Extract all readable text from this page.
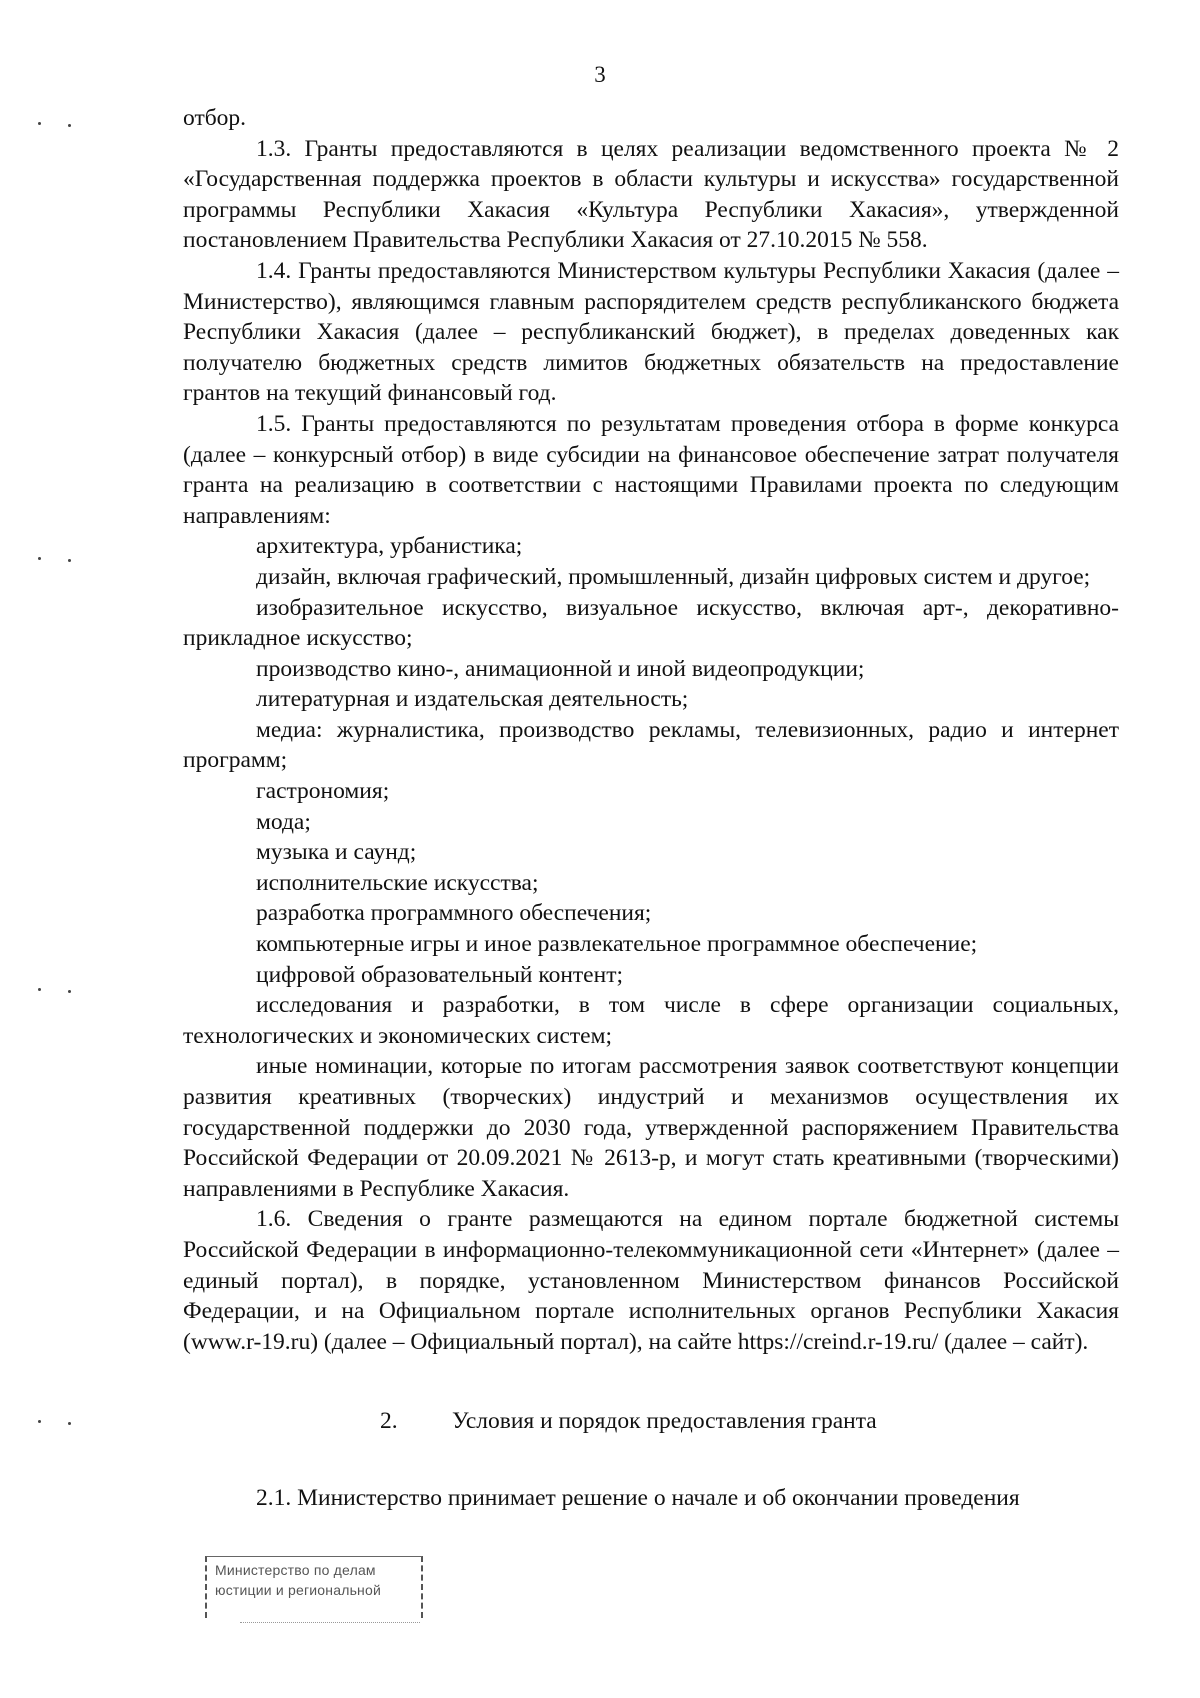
3

отбор.

1.3. Гранты предоставляются в целях реализации ведомственного проекта № 2 «Государственная поддержка проектов в области культуры и искусства» государственной программы Республики Хакасия «Культура Республики Хакасия», утвержденной постановлением Правительства Республики Хакасия от 27.10.2015 № 558.

1.4. Гранты предоставляются Министерством культуры Республики Хакасия (далее – Министерство), являющимся главным распорядителем средств республиканского бюджета Республики Хакасия (далее – республиканский бюджет), в пределах доведенных как получателю бюджетных средств лимитов бюджетных обязательств на предоставление грантов на текущий финансовый год.

1.5. Гранты предоставляются по результатам проведения отбора в форме конкурса (далее – конкурсный отбор) в виде субсидии на финансовое обеспечение затрат получателя гранта на реализацию в соответствии с настоящими Правилами проекта по следующим направлениям:

архитектура, урбанистика;

дизайн, включая графический, промышленный, дизайн цифровых систем и другое;

изобразительное искусство, визуальное искусство, включая арт-, декоративно-прикладное искусство;

производство кино-, анимационной и иной видеопродукции;

литературная и издательская деятельность;

медиа: журналистика, производство рекламы, телевизионных, радио и интернет программ;

гастрономия;

мода;

музыка и саунд;

исполнительские искусства;

разработка программного обеспечения;

компьютерные игры и иное развлекательное программное обеспечение;

цифровой образовательный контент;

исследования и разработки, в том числе в сфере организации социальных, технологических и экономических систем;

иные номинации, которые по итогам рассмотрения заявок соответствуют концепции развития креативных (творческих) индустрий и механизмов осуществления их государственной поддержки до 2030 года, утвержденной распоряжением Правительства Российской Федерации от 20.09.2021 № 2613-р, и могут стать креативными (творческими) направлениями в Республике Хакасия.

1.6. Сведения о гранте размещаются на едином портале бюджетной системы Российской Федерации в информационно-телекоммуникационной сети «Интернет» (далее – единый портал), в порядке, установленном Министерством финансов Российской Федерации, и на Официальном портале исполнительных органов Республики Хакасия (www.r-19.ru) (далее – Официальный портал), на сайте https://creind.r-19.ru/ (далее – сайт).

2. Условия и порядок предоставления гранта

2.1. Министерство принимает решение о начале и об окончании проведения

Министерство по делам
юстиции и региональной
